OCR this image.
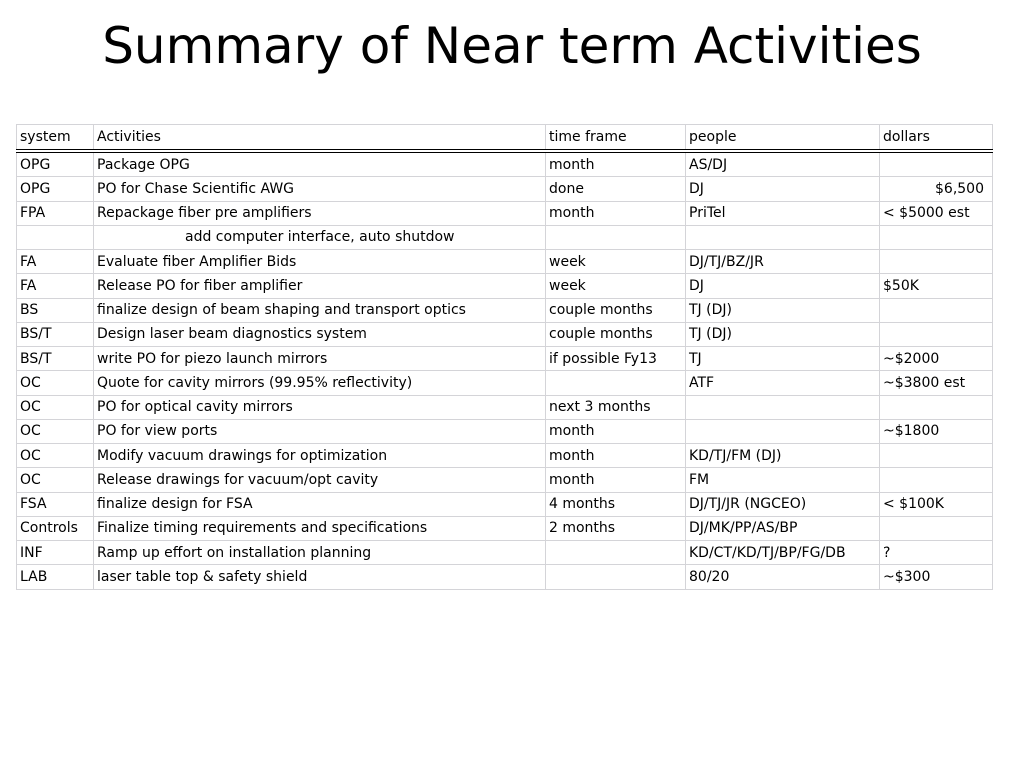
Summary of Near term Activities
system	Activities	time frame	people	dollars
OPG	Package OPG	month	AS/DJ	
OPG	PO for Chase Scientific AWG	done	DJ	$6,500
FPA	Repackage fiber pre amplifiers	month	PriTel	< $5000 est
	add computer interface, auto shutdow			
FA	Evaluate fiber Amplifier Bids	week	DJ/TJ/BZ/JR	
FA	Release PO for fiber amplifier	week	DJ	$50K
BS	finalize design of beam shaping and transport optics	couple months	TJ (DJ)	
BS/T	Design laser beam diagnostics system	couple months	TJ (DJ)	
BS/T	write PO for piezo launch mirrors	if possible Fy13	TJ	~$2000
OC	Quote for cavity mirrors (99.95% reflectivity)		ATF	~$3800 est
OC	PO for optical cavity mirrors	next 3 months		
OC	PO for view ports	month		~$1800
OC	Modify vacuum drawings for optimization	month	KD/TJ/FM (DJ)	
OC	Release drawings for vacuum/opt cavity	month	FM	
FSA	finalize design for FSA	4 months	DJ/TJ/JR (NGCEO)	< $100K
Controls	Finalize timing requirements and specifications	2 months	DJ/MK/PP/AS/BP	
INF	Ramp up effort on installation planning		KD/CT/KD/TJ/BP/FG/DB	?
LAB	laser table top & safety shield		80/20	~$300
